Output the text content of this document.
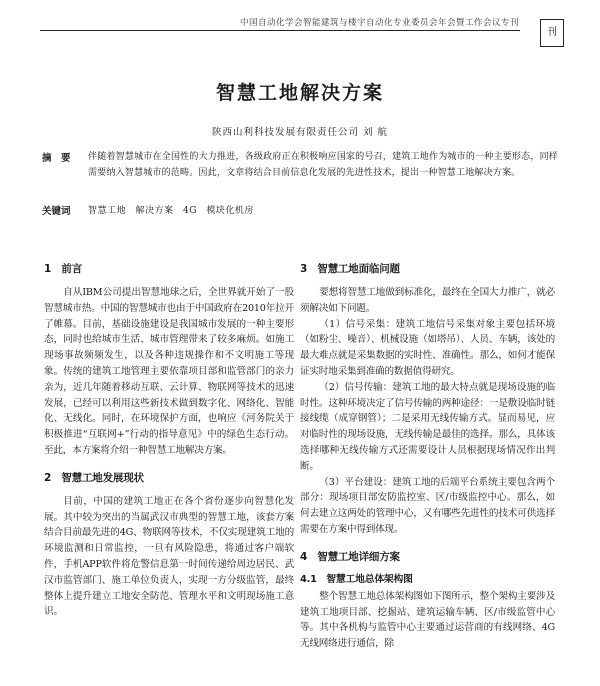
中国自动化学会智能建筑与楼宇自动化专业委员会年会暨工作会议专刊
刊
智慧工地解决方案
陕西山利科技发展有限责任公司 刘 航
摘　要 伴随着智慧城市在全国性的大力推进，各级政府正在积极响应国家的号召，建筑工地作为城市的一种主要形态，同样需要纳入智慧城市的范畴。因此，文章将结合目前信息化发展的先进性技术，提出一种智慧工地解决方案。
关键词 智慧工地　解决方案　4G　模块化机房
1　前言

自从IBM公司提出智慧地球之后，全世界就开始了一股智慧城市热。中国的智慧城市也由于中国政府在2010年拉开了帷幕。目前，基础设施建设是我国城市发展的一种主要形态，同时也给城市生活、城市管理带来了较多麻烦。如施工现场事故频频发生，以及各种违规操作和不文明施工等现象。传统的建筑工地管理主要依靠项目部和监管部门的亲力亲为，近几年随着移动互联、云计算、物联网等技术的迅速发展，已经可以利用这些新技术做到数字化、网络化、智能化、无线化。同时，在环境保护方面，也响应《河务院关于积极推进“互联网+”行动的指导意见》中的绿色生态行动。至此，本方案将介绍一种智慧工地解决方案。

2　智慧工地发展现状

目前，中国的建筑工地正在各个省份逐步向智慧化发展。其中较为突出的当属武汉市典型的智慧工地，该套方案结合目前最先进的4G、物联网等技术，不仅实现建筑工地的环境监测和日常监控，一旦有风险隐患，将通过客户端软件，手机APP软件将危警信息第一时间传递给周边居民、武汉市监管部门、施工单位负责人，实现一方分级监管，最终整体上提升建立工地安全防范、管理水平和文明现场施工意识。

3　智慧工地面临问题

要想将智慧工地做到标准化，最终在全国大力推广，就必须解决如下问题。

（1）信号采集：建筑工地信号采集对象主要包括环境（如粉尘、噪音）、机械设施（如塔吊）、人员、车辆，该处的最大难点就是采集数据的实时性、准确性。那么，如何才能保证实时地采集到准确的数据值得研究。

（2）信号传输：建筑工地的最大特点就是现场设施的临时性。这种环境决定了信号传输的两种途径：一是敷设临时链接线缆（成穿钢管）；二是采用无线传输方式。显而易见，应对临时性的现场设施，无线传输是最佳的选择。那么，具体该选择哪种无线传输方式还需要设计人员根据现场情况作出判断。

（3）平台建设：建筑工地的后端平台系统主要包含两个部分：现场项目部安防监控室、区/市级监控中心。那么，如何去建立这两处的管理中心，又有哪些先进性的技术可供选择需要在方案中得到体现。

4　智慧工地详细方案
4.1　智慧工地总体架构图

整个智慧工地总体架构图如下图所示，整个架构主要涉及建筑工地项目部、挖掘站、建筑运输车辆、区/市级监管中心等。其中各机构与监管中心主要通过运营商的有线网络、4G无线网络进行通信，除
